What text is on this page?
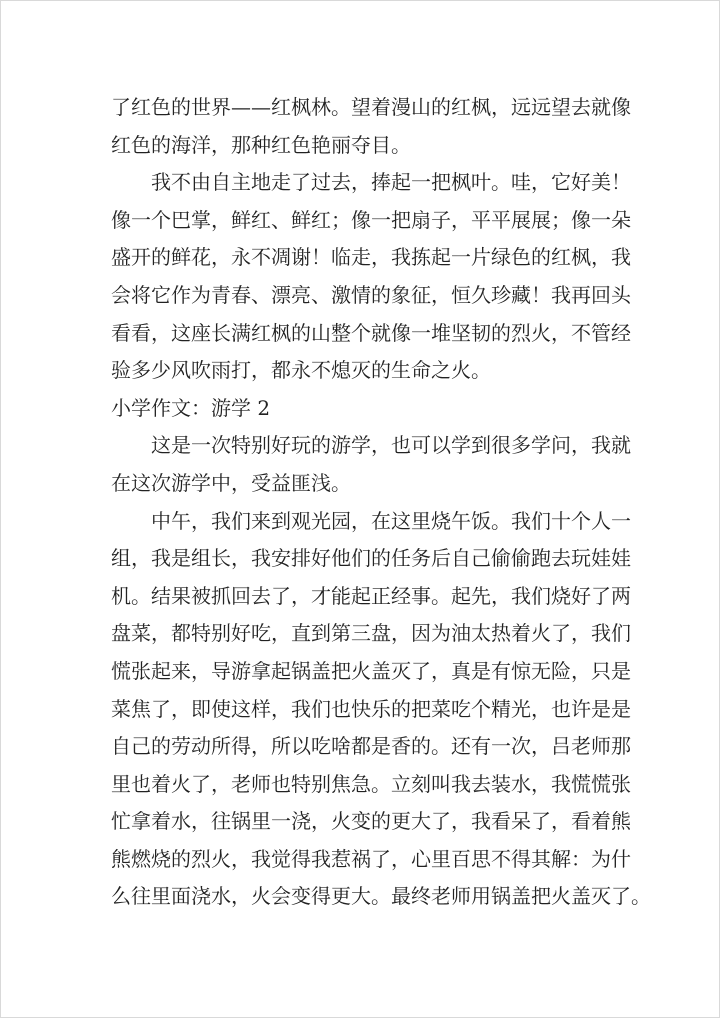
了红色的世界——红枫林。望着漫山的红枫，远远望去就像
红色的海洋，那种红色艳丽夺目。
我不由自主地走了过去，捧起一把枫叶。哇，它好美！
像一个巴掌，鲜红、鲜红；像一把扇子，平平展展；像一朵
盛开的鲜花，永不凋谢！临走，我拣起一片绿色的红枫，我
会将它作为青春、漂亮、激情的象征，恒久珍藏！我再回头
看看，这座长满红枫的山整个就像一堆坚韧的烈火，不管经
验多少风吹雨打，都永不熄灭的生命之火。
小学作文：游学 2
这是一次特别好玩的游学，也可以学到很多学问，我就
在这次游学中，受益匪浅。
中午，我们来到观光园，在这里烧午饭。我们十个人一
组，我是组长，我安排好他们的任务后自己偷偷跑去玩娃娃
机。结果被抓回去了，才能起正经事。起先，我们烧好了两
盘菜，都特别好吃，直到第三盘，因为油太热着火了，我们
慌张起来，导游拿起锅盖把火盖灭了，真是有惊无险，只是
菜焦了，即使这样，我们也快乐的把菜吃个精光，也许是是
自己的劳动所得，所以吃啥都是香的。还有一次，吕老师那
里也着火了，老师也特别焦急。立刻叫我去装水，我慌慌张
忙拿着水，往锅里一浇，火变的更大了，我看呆了，看着熊
熊燃烧的烈火，我觉得我惹祸了，心里百思不得其解：为什
么往里面浇水，火会变得更大。最终老师用锅盖把火盖灭了。
